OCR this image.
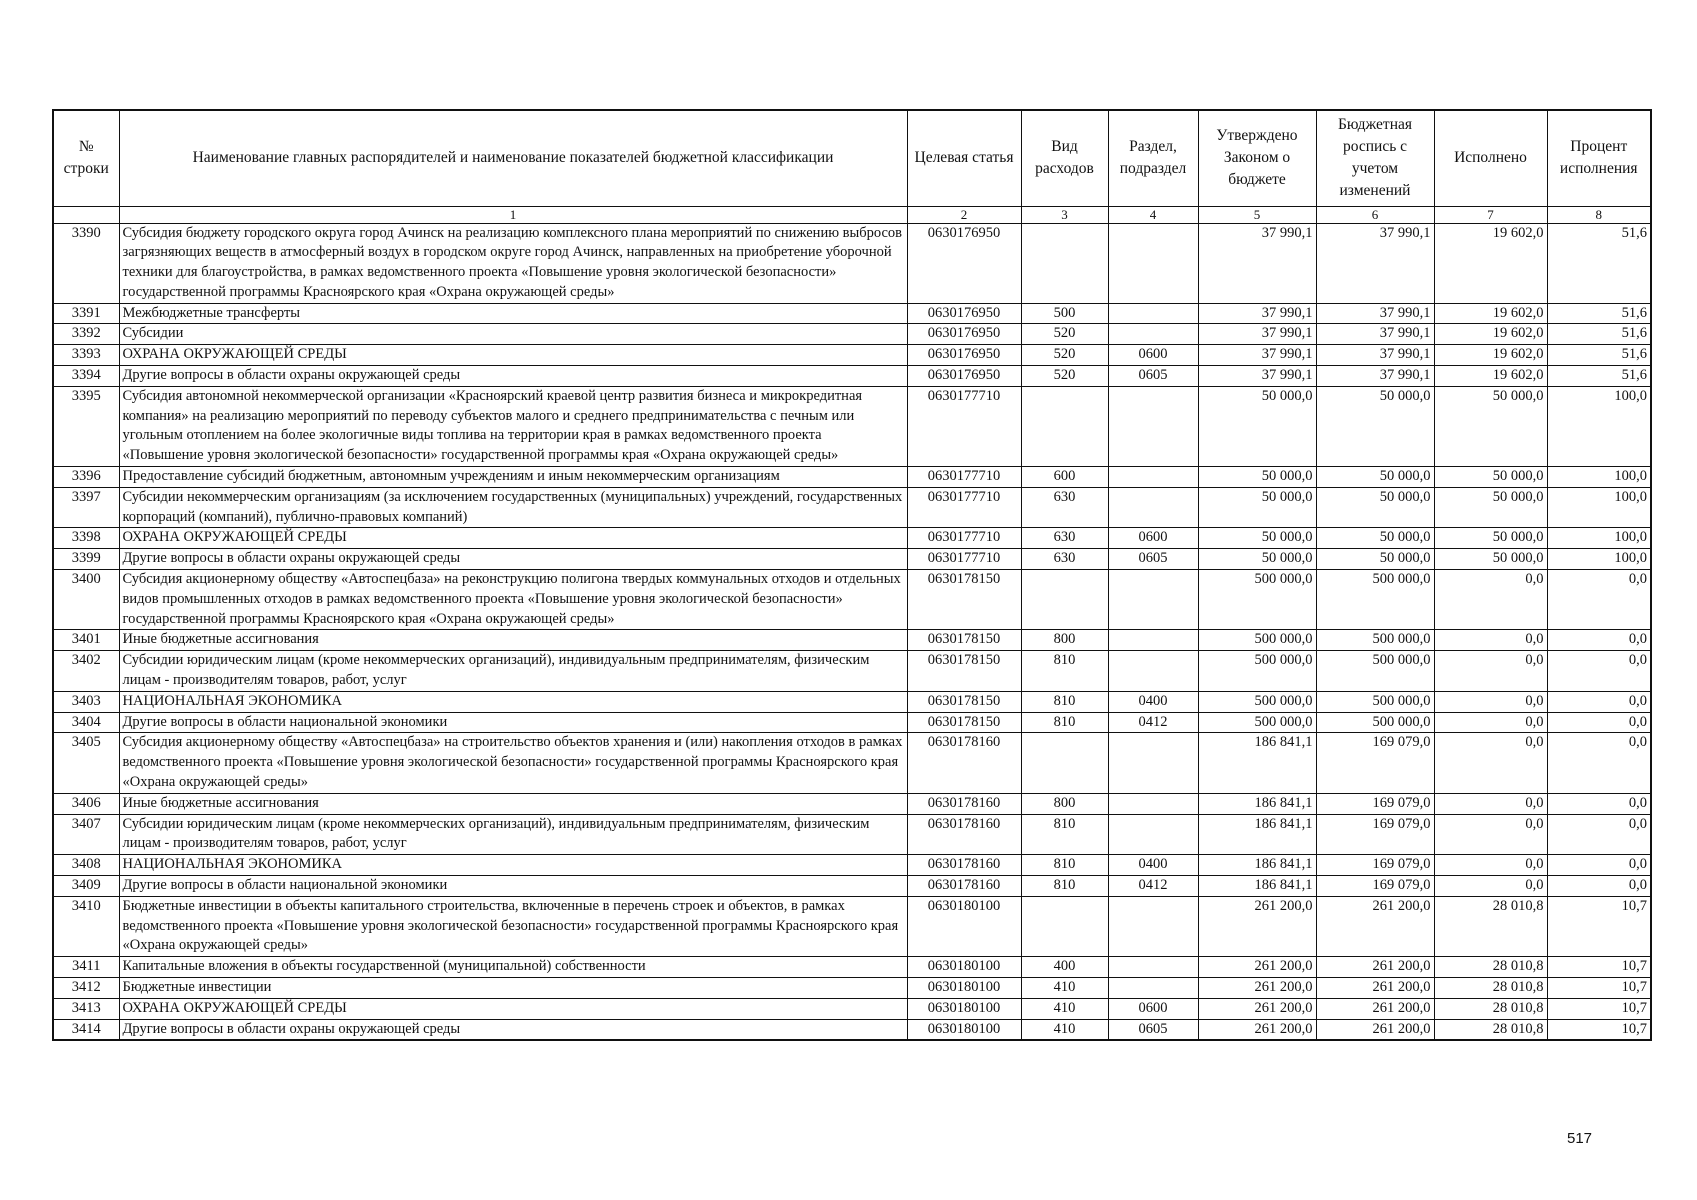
№ строки	Наименование главных распорядителей и наименование показателей бюджетной классификации	Целевая статья	Вид расходов	Раздел, подраздел	Утверждено Законом о бюджете	Бюджетная роспись с учетом изменений	Исполнено	Процент исполнения
	1	2	3	4	5	6	7	8
3390	Субсидия бюджету городского округа город Ачинск на реализацию комплексного плана мероприятий по снижению выбросов загрязняющих веществ в атмосферный воздух в городском округе город Ачинск, направленных на приобретение уборочной техники для благоустройства, в рамках ведомственного проекта «Повышение уровня экологической безопасности» государственной программы Красноярского края «Охрана окружающей среды»	0630176950			37 990,1	37 990,1	19 602,0	51,6
3391	Межбюджетные трансферты	0630176950	500		37 990,1	37 990,1	19 602,0	51,6
3392	Субсидии	0630176950	520		37 990,1	37 990,1	19 602,0	51,6
3393	ОХРАНА ОКРУЖАЮЩЕЙ СРЕДЫ	0630176950	520	0600	37 990,1	37 990,1	19 602,0	51,6
3394	Другие вопросы в области охраны окружающей среды	0630176950	520	0605	37 990,1	37 990,1	19 602,0	51,6
3395	Субсидия автономной некоммерческой организации «Красноярский краевой центр развития бизнеса и микрокредитная компания» на реализацию мероприятий по переводу субъектов малого и среднего предпринимательства с печным или угольным отоплением на более экологичные виды топлива на территории края в рамках ведомственного проекта «Повышение уровня экологической безопасности» государственной программы края «Охрана окружающей среды»	0630177710			50 000,0	50 000,0	50 000,0	100,0
3396	Предоставление субсидий бюджетным, автономным учреждениям и иным некоммерческим организациям	0630177710	600		50 000,0	50 000,0	50 000,0	100,0
3397	Субсидии некоммерческим организациям (за исключением государственных (муниципальных) учреждений, государственных корпораций (компаний), публично-правовых компаний)	0630177710	630		50 000,0	50 000,0	50 000,0	100,0
3398	ОХРАНА ОКРУЖАЮЩЕЙ СРЕДЫ	0630177710	630	0600	50 000,0	50 000,0	50 000,0	100,0
3399	Другие вопросы в области охраны окружающей среды	0630177710	630	0605	50 000,0	50 000,0	50 000,0	100,0
3400	Субсидия акционерному обществу «Автоспецбаза» на реконструкцию полигона твердых коммунальных отходов и отдельных видов промышленных отходов в рамках ведомственного проекта «Повышение уровня экологической безопасности» государственной программы Красноярского края «Охрана окружающей среды»	0630178150			500 000,0	500 000,0	0,0	0,0
3401	Иные бюджетные ассигнования	0630178150	800		500 000,0	500 000,0	0,0	0,0
3402	Субсидии юридическим лицам (кроме некоммерческих организаций), индивидуальным предпринимателям, физическим лицам - производителям товаров, работ, услуг	0630178150	810		500 000,0	500 000,0	0,0	0,0
3403	НАЦИОНАЛЬНАЯ ЭКОНОМИКА	0630178150	810	0400	500 000,0	500 000,0	0,0	0,0
3404	Другие вопросы в области национальной экономики	0630178150	810	0412	500 000,0	500 000,0	0,0	0,0
3405	Субсидия акционерному обществу «Автоспецбаза» на строительство объектов хранения и (или) накопления отходов в рамках ведомственного проекта «Повышение уровня экологической безопасности» государственной программы Красноярского края «Охрана окружающей среды»	0630178160			186 841,1	169 079,0	0,0	0,0
3406	Иные бюджетные ассигнования	0630178160	800		186 841,1	169 079,0	0,0	0,0
3407	Субсидии юридическим лицам (кроме некоммерческих организаций), индивидуальным предпринимателям, физическим лицам - производителям товаров, работ, услуг	0630178160	810		186 841,1	169 079,0	0,0	0,0
3408	НАЦИОНАЛЬНАЯ ЭКОНОМИКА	0630178160	810	0400	186 841,1	169 079,0	0,0	0,0
3409	Другие вопросы в области национальной экономики	0630178160	810	0412	186 841,1	169 079,0	0,0	0,0
3410	Бюджетные инвестиции в объекты капитального строительства, включенные в перечень строек и объектов, в рамках ведомственного проекта «Повышение уровня экологической безопасности» государственной программы Красноярского края «Охрана окружающей среды»	0630180100			261 200,0	261 200,0	28 010,8	10,7
3411	Капитальные вложения в объекты государственной (муниципальной) собственности	0630180100	400		261 200,0	261 200,0	28 010,8	10,7
3412	Бюджетные инвестиции	0630180100	410		261 200,0	261 200,0	28 010,8	10,7
3413	ОХРАНА ОКРУЖАЮЩЕЙ СРЕДЫ	0630180100	410	0600	261 200,0	261 200,0	28 010,8	10,7
3414	Другие вопросы в области охраны окружающей среды	0630180100	410	0605	261 200,0	261 200,0	28 010,8	10,7
517
